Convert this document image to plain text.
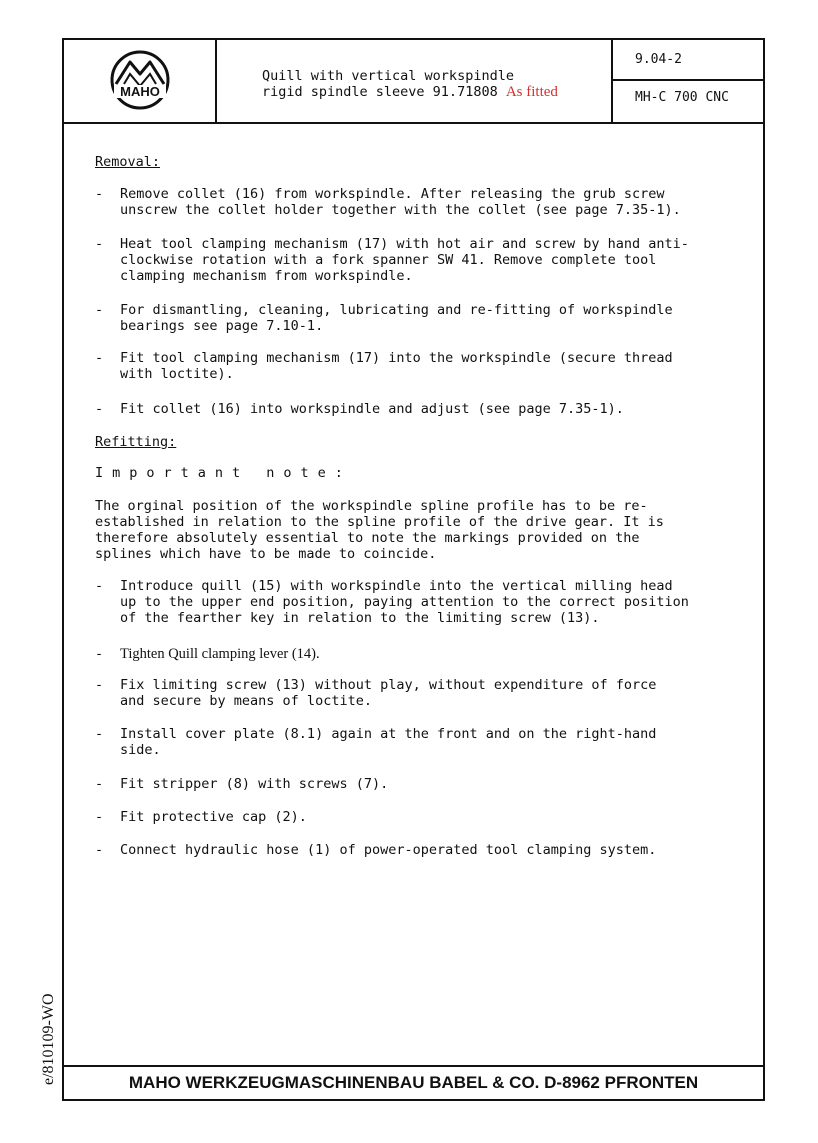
MAHO
Quill with vertical workspindle
rigid spindle sleeve 91.71808 As fitted
9.04-2
MH-C 700 CNC
MAHO WERKZEUGMASCHINENBAU BABEL & CO. D-8962 PFRONTEN

Removal:

- Remove collet (16) from workspindle. After releasing the grub screw

unscrew the collet holder together with the collet (see page 7.35-1).

- Heat tool clamping mechanism (17) with hot air and screw by hand anti-

clockwise rotation with a fork spanner SW 41. Remove complete tool

clamping mechanism from workspindle.

- For dismantling, cleaning, lubricating and re-fitting of workspindle

bearings see page 7.10-1.

- Fit tool clamping mechanism (17) into the workspindle (secure thread

with loctite).

- Fit collet (16) into workspindle and adjust (see page 7.35-1).

Refitting:

Important note:

The orginal position of the workspindle spline profile has to be re-

established in relation to the spline profile of the drive gear. It is

therefore absolutely essential to note the markings provided on the

splines which have to be made to coincide.

- Introduce quill (15) with workspindle into the vertical milling head

up to the upper end position, paying attention to the correct position

of the fearther key in relation to the limiting screw (13).

- Tighten Quill clamping lever (14).

- Fix limiting screw (13) without play, without expenditure of force

and secure by means of loctite.

- Install cover plate (8.1) again at the front and on the right-hand

side.

- Fit stripper (8) with screws (7).

- Fit protective cap (2).

- Connect hydraulic hose (1) of power-operated tool clamping system.

e/810109-WO
